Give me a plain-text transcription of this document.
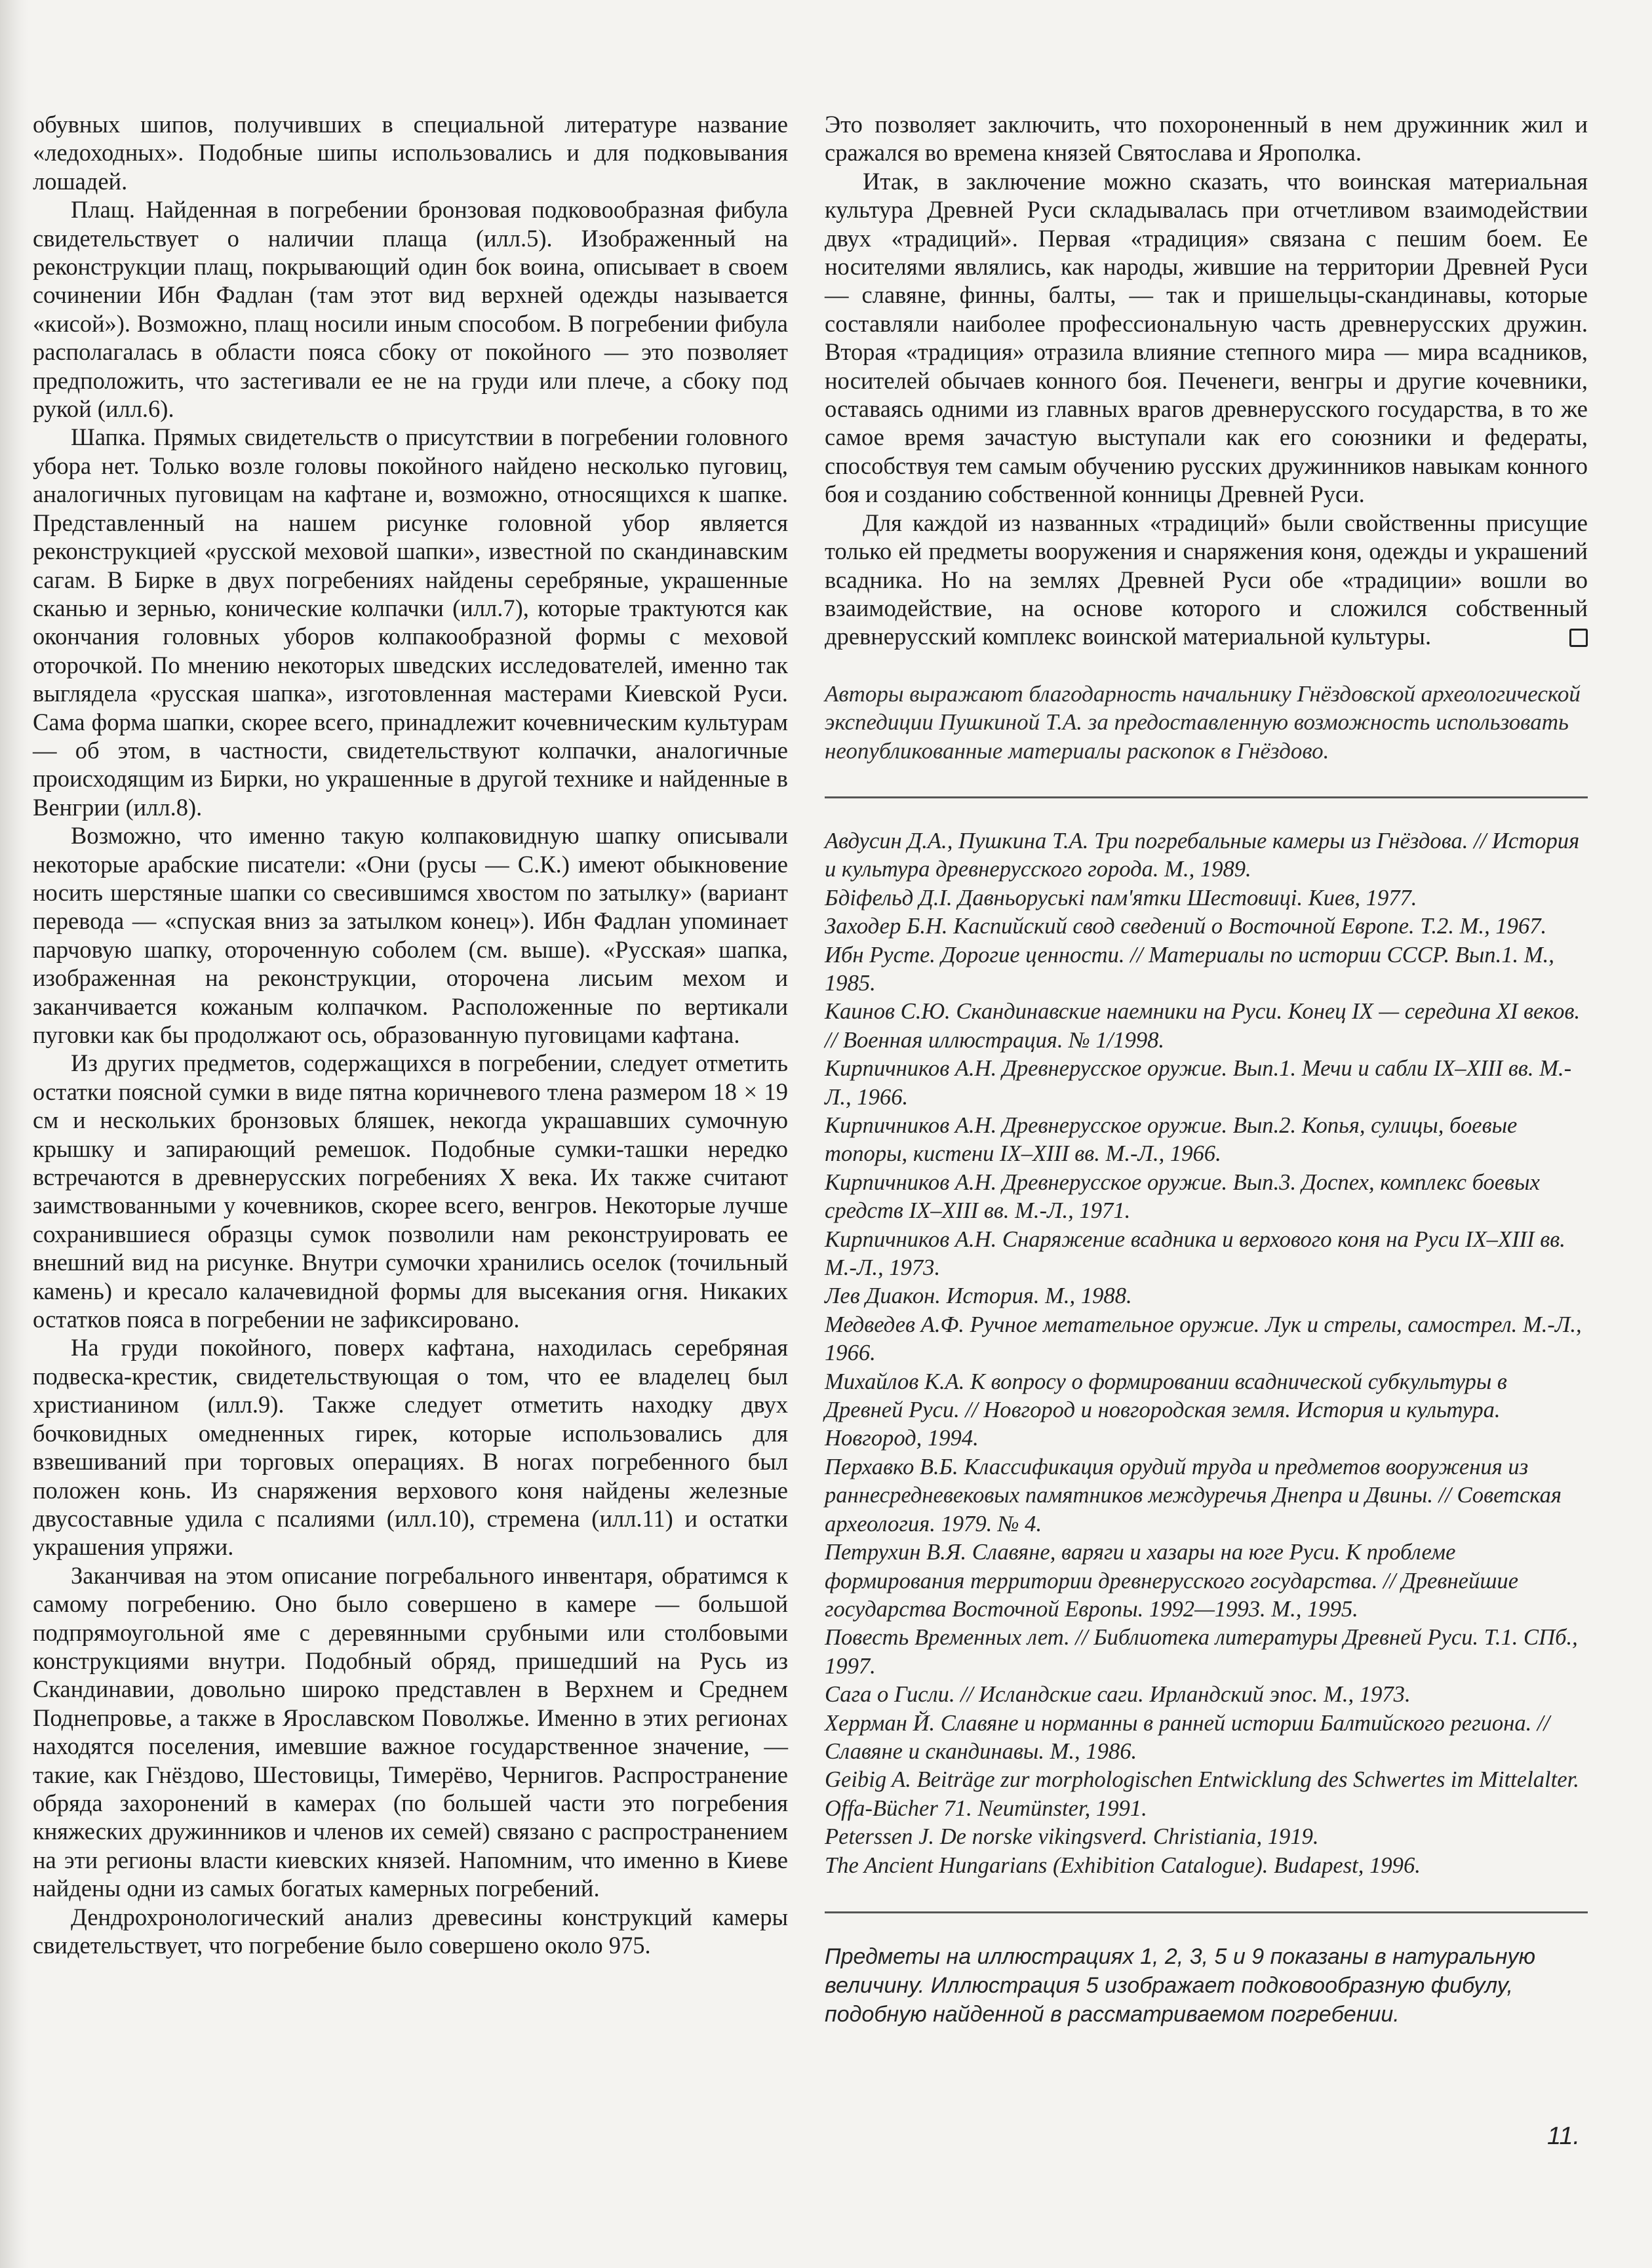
обувных шипов, получивших в специальной литературе название «ледоходных». Подобные шипы использовались и для подковывания лошадей.

Плащ. Найденная в погребении бронзовая подковообразная фибула свидетельствует о наличии плаща (илл.5). Изображенный на реконструкции плащ, покрывающий один бок воина, описывает в своем сочинении Ибн Фадлан (там этот вид верхней одежды называется «кисой»). Возможно, плащ носили иным способом. В погребении фибула располагалась в области пояса сбоку от покойного — это позволяет предположить, что застегивали ее не на груди или плече, а сбоку под рукой (илл.6).

Шапка. Прямых свидетельств о присутствии в погребении головного убора нет. Только возле головы покойного найдено несколько пуговиц, аналогичных пуговицам на кафтане и, возможно, относящихся к шапке. Представленный на нашем рисунке головной убор является реконструкцией «русской меховой шапки», известной по скандинавским сагам. В Бирке в двух погребениях найдены серебряные, украшенные сканью и зернью, конические колпачки (илл.7), которые трактуются как окончания головных уборов колпакообразной формы с меховой оторочкой. По мнению некоторых шведских исследователей, именно так выглядела «русская шапка», изготовленная мастерами Киевской Руси. Сама форма шапки, скорее всего, принадлежит кочевническим культурам — об этом, в частности, свидетельствуют колпачки, аналогичные происходящим из Бирки, но украшенные в другой технике и найденные в Венгрии (илл.8).

Возможно, что именно такую колпаковидную шапку описывали некоторые арабские писатели: «Они (русы — С.К.) имеют обыкновение носить шерстяные шапки со свесившимся хвостом по затылку» (вариант перевода — «спуская вниз за затылком конец»). Ибн Фадлан упоминает парчовую шапку, отороченную соболем (см. выше). «Русская» шапка, изображенная на реконструкции, оторочена лисьим мехом и заканчивается кожаным колпачком. Расположенные по вертикали пуговки как бы продолжают ось, образованную пуговицами кафтана.

Из других предметов, содержащихся в погребении, следует отметить остатки поясной сумки в виде пятна коричневого тлена размером 18 × 19 см и нескольких бронзовых бляшек, некогда украшавших сумочную крышку и запирающий ремешок. Подобные сумки-ташки нередко встречаются в древнерусских погребениях X века. Их также считают заимствованными у кочевников, скорее всего, венгров. Некоторые лучше сохранившиеся образцы сумок позволили нам реконструировать ее внешний вид на рисунке. Внутри сумочки хранились оселок (точильный камень) и кресало калачевидной формы для высекания огня. Никаких остатков пояса в погребении не зафиксировано.

На груди покойного, поверх кафтана, находилась серебряная подвеска-крестик, свидетельствующая о том, что ее владелец был христианином (илл.9). Также следует отметить находку двух бочковидных омедненных гирек, которые использовались для взвешиваний при торговых операциях. В ногах погребенного был положен конь. Из снаряжения верхового коня найдены железные двусоставные удила с псалиями (илл.10), стремена (илл.11) и остатки украшения упряжи.

Заканчивая на этом описание погребального инвентаря, обратимся к самому погребению. Оно было совершено в камере — большой подпрямоугольной яме с деревянными срубными или столбовыми конструкциями внутри. Подобный обряд, пришедший на Русь из Скандинавии, довольно широко представлен в Верхнем и Среднем Поднепровье, а также в Ярославском Поволжье. Именно в этих регионах находятся поселения, имевшие важное государственное значение, — такие, как Гнёздово, Шестовицы, Тимерёво, Чернигов. Распространение обряда захоронений в камерах (по большей части это погребения княжеских дружинников и членов их семей) связано с распространением на эти регионы власти киевских князей. Напомним, что именно в Киеве найдены одни из самых богатых камерных погребений.

Дендрохронологический анализ древесины конструкций камеры свидетельствует, что погребение было совершено около 975.

Это позволяет заключить, что похороненный в нем дружинник жил и сражался во времена князей Святослава и Ярополка.

Итак, в заключение можно сказать, что воинская материальная культура Древней Руси складывалась при отчетливом взаимодействии двух «традиций». Первая «традиция» связана с пешим боем. Ее носителями являлись, как народы, жившие на территории Древней Руси — славяне, финны, балты, — так и пришельцы-скандинавы, которые составляли наиболее профессиональную часть древнерусских дружин. Вторая «традиция» отразила влияние степного мира — мира всадников, носителей обычаев конного боя. Печенеги, венгры и другие кочевники, оставаясь одними из главных врагов древнерусского государства, в то же самое время зачастую выступали как его союзники и федераты, способствуя тем самым обучению русских дружинников навыкам конного боя и созданию собственной конницы Древней Руси.

Для каждой из названных «традиций» были свойственны присущие только ей предметы вооружения и снаряжения коня, одежды и украшений всадника. Но на землях Древней Руси обе «традиции» вошли во взаимодействие, на основе которого и сложился собственный древнерусский комплекс воинской материальной культуры.

Авторы выражают благодарность начальнику Гнёздовской археологической экспедиции Пушкиной Т.А. за предоставленную возможность использовать неопубликованные материалы раскопок в Гнёздово.

Авдусин Д.А., Пушкина Т.А. Три погребальные камеры из Гнёздова. // История и культура древнерусского города. М., 1989.

Бдіфельд Д.І. Давньоруські пам'ятки Шестовиці. Киев, 1977.

Заходер Б.Н. Каспийский свод сведений о Восточной Европе. Т.2. М., 1967.

Ибн Русте. Дорогие ценности. // Материалы по истории СССР. Вып.1. М., 1985.

Каинов С.Ю. Скандинавские наемники на Руси. Конец IX — середина XI веков. // Военная иллюстрация. № 1/1998.

Кирпичников А.Н. Древнерусское оружие. Вып.1. Мечи и сабли IX–XIII вв. М.-Л., 1966.

Кирпичников А.Н. Древнерусское оружие. Вып.2. Копья, сулицы, боевые топоры, кистени IX–XIII вв. М.-Л., 1966.

Кирпичников А.Н. Древнерусское оружие. Вып.3. Доспех, комплекс боевых средств IX–XIII вв. М.-Л., 1971.

Кирпичников А.Н. Снаряжение всадника и верхового коня на Руси IX–XIII вв. М.-Л., 1973.

Лев Диакон. История. М., 1988.

Медведев А.Ф. Ручное метательное оружие. Лук и стрелы, самострел. М.-Л., 1966.

Михайлов К.А. К вопросу о формировании всаднической субкультуры в Древней Руси. // Новгород и новгородская земля. История и культура. Новгород, 1994.

Перхавко В.Б. Классификация орудий труда и предметов вооружения из раннесредневековых памятников междуречья Днепра и Двины. // Советская археология. 1979. № 4.

Петрухин В.Я. Славяне, варяги и хазары на юге Руси. К проблеме формирования территории древнерусского государства. // Древнейшие государства Восточной Европы. 1992—1993. М., 1995.

Повесть Временных лет. // Библиотека литературы Древней Руси. Т.1. СПб., 1997.

Сага о Гисли. // Исландские саги. Ирландский эпос. М., 1973.

Херрман Й. Славяне и норманны в ранней истории Балтийского региона. // Славяне и скандинавы. М., 1986.

Geibig A. Beiträge zur morphologischen Entwicklung des Schwertes im Mittelalter. Offa-Bücher 71. Neumünster, 1991.

Peterssen J. De norske vikingsverd. Christiania, 1919.

The Ancient Hungarians (Exhibition Catalogue). Budapest, 1996.

Предметы на иллюстрациях 1, 2, 3, 5 и 9 показаны в натуральную величину. Иллюстрация 5 изображает подковообразную фибулу, подобную найденной в рассматриваемом погребении.

11.
